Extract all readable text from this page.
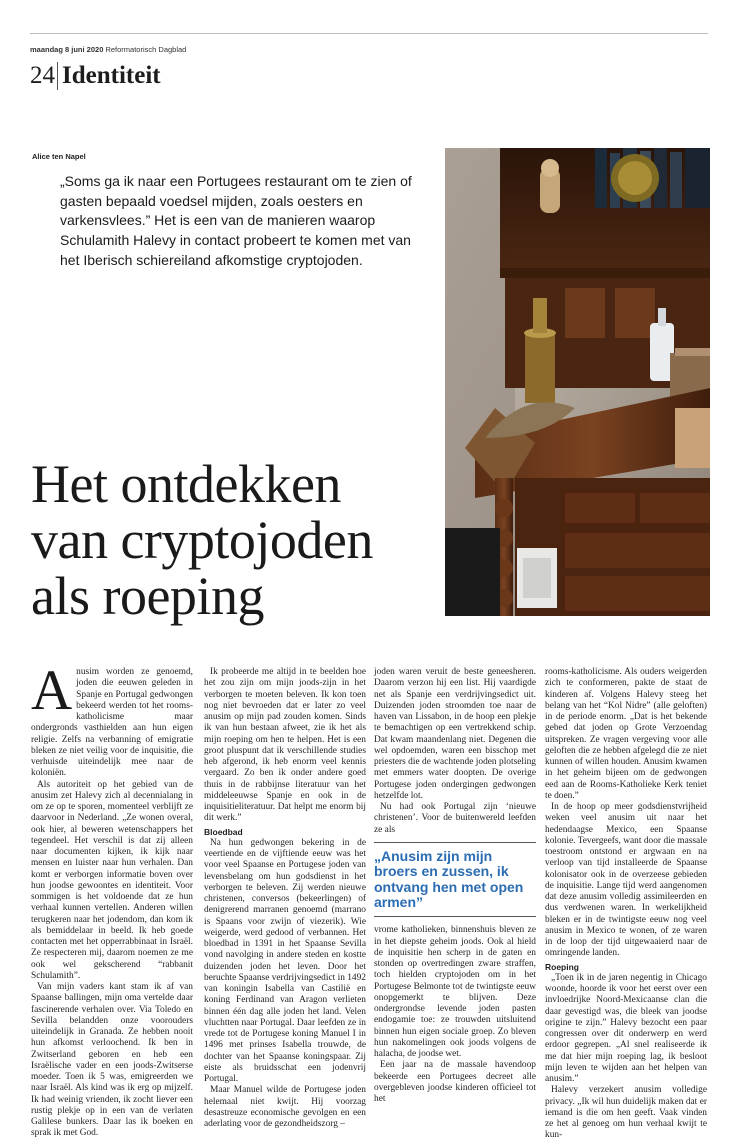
maandag 8 juni 2020 Reformatorisch Dagblad
24 Identiteit
Alice ten Napel
„Soms ga ik naar een Portugees restaurant om te zien of gasten bepaald voedsel mijden, zoals oesters en varkensvlees.” Het is een van de manieren waarop Schulamith Halevy in contact probeert te komen met van het Iberisch schiereiland afkomstige cryptojoden.
Het ontdekken
van cryptojoden
als roeping
A nusim worden ze genoemd, joden die eeuwen geleden in Spanje en Portugal gedwongen bekeerd werden tot het rooms-katholicisme maar ondergronds vasthielden aan hun eigen religie. Zelfs na verbanning of emigratie bleken ze niet veilig voor de inquisitie, die verhuisde uiteindelijk mee naar de koloniën.

Als autoriteit op het gebied van de anusim zet Halevy zich al decennialang in om ze op te sporen, momenteel verblijft ze daarvoor in Nederland. „Ze wonen overal, ook hier, al beweren wetenschappers het tegendeel. Het verschil is dat zij alleen naar documenten kijken, ik kijk naar mensen en luister naar hun verhalen. Dan komt er verborgen informatie boven over hun joodse gewoontes en identiteit. Voor sommigen is het voldoende dat ze hun verhaal kunnen vertellen. Anderen willen terugkeren naar het jodendom, dan kom ik als bemiddelaar in beeld. Ik heb goede contacten met het opperrabbinaat in Israël. Ze respecteren mij, daarom noemen ze me ook wel gekscherend “rabbanit Schulamith”.

Van mijn vaders kant stam ik af van Spaanse ballingen, mijn oma vertelde daar fascinerende verhalen over. Via Toledo en Sevilla belandden onze voorouders uiteindelijk in Granada. Ze hebben nooit hun afkomst verloochend. Ik ben in Zwitserland geboren en heb een Israëlische vader en een joods-Zwitserse moeder. Toen ik 5 was, emigreerden we naar Israël. Als kind was ik erg op mijzelf. Ik had weinig vrienden, ik zocht liever een rustig plekje op in een van de verlaten Galilese bunkers. Daar las ik boeken en sprak ik met God.

Ik probeerde me altijd in te beelden hoe het zou zijn om mijn joods-zijn in het verborgen te moeten beleven. Ik kon toen nog niet bevroeden dat er later zo veel anusim op mijn pad zouden komen. Sinds ik van hun bestaan afweet, zie ik het als mijn roeping om hen te helpen. Het is een groot pluspunt dat ik verschillende studies heb afgerond, ik heb enorm veel kennis vergaard. Zo ben ik onder andere goed thuis in de rabbijnse literatuur van het middeleeuwse Spanje en ook in de inquisitieliteratuur. Dat helpt me enorm bij dit werk.”

Bloedbad

Na hun gedwongen bekering in de veertiende en de vijftiende eeuw was het voor veel Spaanse en Portugese joden van levensbelang om hun godsdienst in het verborgen te beleven. Zij werden nieuwe christenen, conversos (bekeerlingen) of denigrerend marranen genoemd (marrano is Spaans voor zwijn of viezerik). Wie weigerde, werd gedood of verbannen. Het bloedbad in 1391 in het Spaanse Sevilla vond navolging in andere steden en kostte duizenden joden het leven. Door het beruchte Spaanse verdrijvingsedict in 1492 van koningin Isabella van Castilië en koning Ferdinand van Aragon verlieten binnen één dag alle joden het land. Velen vluchtten naar Portugal. Daar leefden ze in vrede tot de Portugese koning Manuel I in 1496 met prinses Isabella trouwde, de dochter van het Spaanse koningspaar. Zij eiste als bruidsschat een jodenvrij Portugal.

Maar Manuel wilde de Portugese joden helemaal niet kwijt. Hij voorzag desastreuze economische gevolgen en een aderlating voor de gezondheidszorg –

joden waren veruit de beste geneesheren. Daarom verzon hij een list. Hij vaardigde net als Spanje een verdrijvingsedict uit. Duizenden joden stroomden toe naar de haven van Lissabon, in de hoop een plekje te bemachtigen op een vertrekkend schip. Dat kwam maandenlang niet. Degenen die wel opdoemden, waren een bisschop met priesters die de wachtende joden plotseling met emmers water doopten. De overige Portugese joden ondergingen gedwongen hetzelfde lot.

Nu had ook Portugal zijn ‘nieuwe christenen’. Voor de buitenwereld leefden ze als

„Anusim zijn mijn broers en zussen, ik ontvang hen met open armen”

vrome katholieken, binnenshuis bleven ze in het diepste geheim joods. Ook al hield de inquisitie hen scherp in de gaten en stonden op overtredingen zware straffen, toch hielden cryptojoden om in het Portugese Belmonte tot de twintigste eeuw onopgemerkt te blijven. Deze ondergrondse levende joden pasten endogamie toe: ze trouwden uitsluitend binnen hun eigen sociale groep. Zo bleven hun nakomelingen ook joods volgens de halacha, de joodse wet.

Een jaar na de massale havendoop bekeerde een Portugees decreet alle overgebleven joodse kinderen officieel tot het

rooms-katholicisme. Als ouders weigerden zich te conformeren, pakte de staat de kinderen af. Volgens Halevy steeg het belang van het “Kol Nidre” (alle geloften) in de periode enorm. „Dat is het bekende gebed dat joden op Grote Verzoendag uitspreken. Ze vragen vergeving voor alle geloften die ze hebben afgelegd die ze niet kunnen of willen houden. Anusim kwamen in het geheim bijeen om de gedwongen eed aan de Rooms-Katholieke Kerk teniet te doen.”

In de hoop op meer godsdienstvrijheid weken veel anusim uit naar het hedendaagse Mexico, een Spaanse kolonie. Tevergeefs, want door die massale toestroom ontstond er argwaan en na verloop van tijd installeerde de Spaanse kolonisator ook in de overzeese gebieden de inquisitie. Lange tijd werd aangenomen dat deze anusim volledig assimileerden en dus verdwenen waren. In werkelijkheid bleken er in de twintigste eeuw nog veel anusim in Mexico te wonen, of ze waren in de loop der tijd uitgewaaierd naar de omringende landen.

Roeping

„Toen ik in de jaren negentig in Chicago woonde, hoorde ik voor het eerst over een invloedrijke Noord-Mexicaanse clan die daar gevestigd was, die bleek van joodse origine te zijn.” Halevy bezocht een paar congressen over dit onderwerp en werd erdoor gegrepen. „Al snel realiseerde ik me dat hier mijn roeping lag, ik besloot mijn leven te wijden aan het helpen van anusim.”

Halevy verzekert anusim volledige privacy. „Ik wil hun duidelijk maken dat er iemand is die om hen geeft. Vaak vinden ze het al genoeg om hun verhaal kwijt te kun-
